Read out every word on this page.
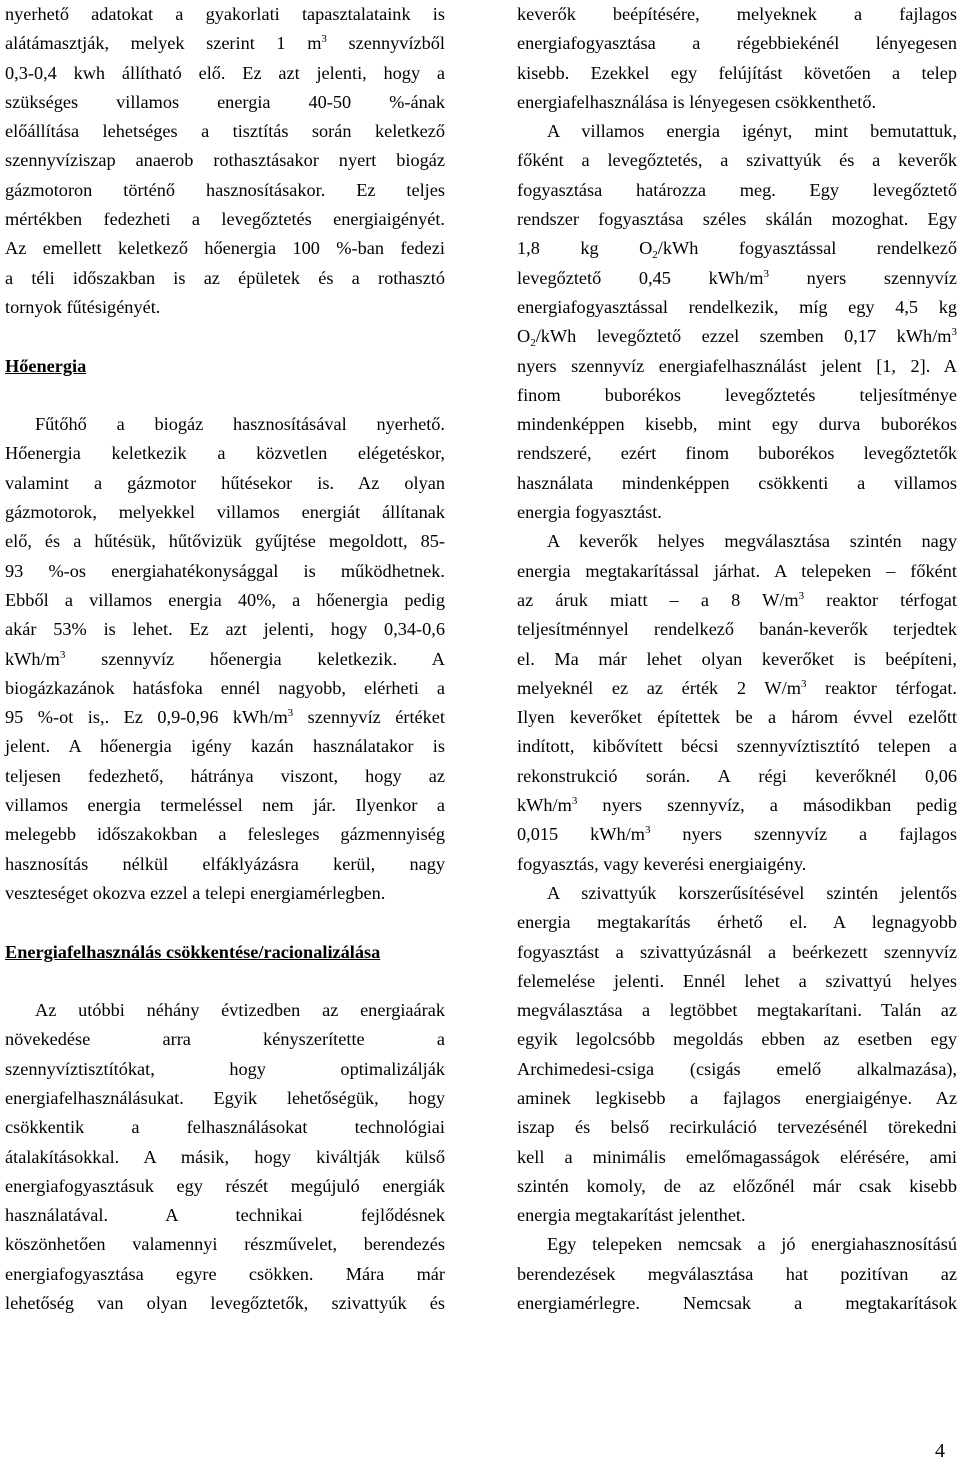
nyerhető adatokat a gyakorlati tapasztalataink is
alátámasztják, melyek szerint 1 $m^3$ szennyvízből
0,3-0,4 kwh állítható elő. Ez azt jelenti, hogy a
szükséges villamos energia 40-50 %-ának
előállítása lehetséges a tisztítás során keletkező
szennyvíziszap anaerob rothasztásakor nyert biogáz
gázmotoron történő hasznosításakor. Ez teljes
mértékben fedezheti a levegőztetés energiaigényét.
Az emellett keletkező hőenergia 100 %-ban fedezi
a téli időszakban is az épületek és a rothasztó
tornyok fűtésigényét.
Hőenergia
Fűtőhő a biogáz hasznosításával nyerhető.
Hőenergia keletkezik a közvetlen elégetéskor,
valamint a gázmotor hűtésekor is. Az olyan
gázmotorok, melyekkel villamos energiát állítanak
elő, és a hűtésük, hűtővizük gyűjtése megoldott, 85-
93 %-os energiahatékonysággal is működhetnek.
Ebből a villamos energia 40%, a hőenergia pedig
akár 53% is lehet. Ez azt jelenti, hogy 0,34-0,6
kWh/$m^3$ szennyvíz hőenergia keletkezik. A
biogázkazánok hatásfoka ennél nagyobb, elérheti a
95 %-ot is,. Ez 0,9-0,96 kWh/$m^3$ szennyvíz értéket
jelent. A hőenergia igény kazán használatakor is
teljesen fedezhető, hátránya viszont, hogy az
villamos energia termeléssel nem jár. Ilyenkor a
melegebb időszakokban a felesleges gázmennyiség
hasznosítás nélkül elfáklyázásra kerül, nagy
veszteséget okozva ezzel a telepi energiamérlegben.
Energiafelhasználás csökkentése/racionalizálása
Az utóbbi néhány évtizedben az energiaárak
növekedése arra kényszerítette a
szennyvíztisztítókat, hogy optimalizálják
energiafelhasználásukat. Egyik lehetőségük, hogy
csökkentik a felhasználásokat technológiai
átalakításokkal. A másik, hogy kiváltják külső
energiafogyasztásuk egy részét megújuló energiák
használatával. A technikai fejlődésnek
köszönhetően valamennyi részművelet, berendezés
energiafogyasztása egyre csökken. Mára már
lehetőség van olyan levegőztetők, szivattyúk és
keverők beépítésére, melyeknek a fajlagos
energiafogyasztása a régebbiekénél lényegesen
kisebb. Ezekkel egy felújítást követően a telep
energiafelhasználása is lényegesen csökkenthető.
A villamos energia igényt, mint bemutattuk,
főként a levegőztetés, a szivattyúk és a keverők
fogyasztása határozza meg. Egy levegőztető
rendszer fogyasztása széles skálán mozoghat. Egy
1,8 kg $O_2$/kWh fogyasztással rendelkező
levegőztető 0,45 kWh/$m^3$ nyers szennyvíz
energiafogyasztással rendelkezik, míg egy 4,5 kg
$O_2$/kWh levegőztető ezzel szemben 0,17 kWh/$m^3$
nyers szennyvíz energiafelhasználást jelent [1, 2]. A
finom buborékos levegőztetés teljesítménye
mindenképpen kisebb, mint egy durva buborékos
rendszeré, ezért finom buborékos levegőztetők
használata mindenképpen csökkenti a villamos
energia fogyasztást.
A keverők helyes megválasztása szintén nagy
energia megtakarítással járhat. A telepeken – főként
az áruk miatt – a 8 $W/m^3$ reaktor térfogat
teljesítménnyel rendelkező banán-keverők terjedtek
el. Ma már lehet olyan keverőket is beépíteni,
melyeknél ez az érték 2 $W/m^3$ reaktor térfogat.
Ilyen keverőket építettek be a három évvel ezelőtt
indított, kibővített bécsi szennyvíztisztító telepen a
rekonstrukció során. A régi keverőknél 0,06
kWh/$m^3$ nyers szennyvíz, a másodikban pedig
0,015 kWh/$m^3$ nyers szennyvíz a fajlagos
fogyasztás, vagy keverési energiaigény.
A szivattyúk korszerűsítésével szintén jelentős
energia megtakarítás érhető el. A legnagyobb
fogyasztást a szivattyúzásnál a beérkezett szennyvíz
felemelése jelenti. Ennél lehet a szivattyú helyes
megválasztása a legtöbbet megtakarítani. Talán az
egyik legolcsóbb megoldás ebben az esetben egy
Archimedesi-csiga (csigás emelő alkalmazása),
aminek legkisebb a fajlagos energiaigénye. Az
iszap és belső recirkuláció tervezésénél törekedni
kell a minimális emelőmagasságok elérésére, ami
szintén komoly, de az előzőnél már csak kisebb
energia megtakarítást jelenthet.
Egy telepeken nemcsak a jó energiahasznosítású
berendezések megválasztása hat pozitívan az
energiamérlegre. Nemcsak a megtakarítások
4
